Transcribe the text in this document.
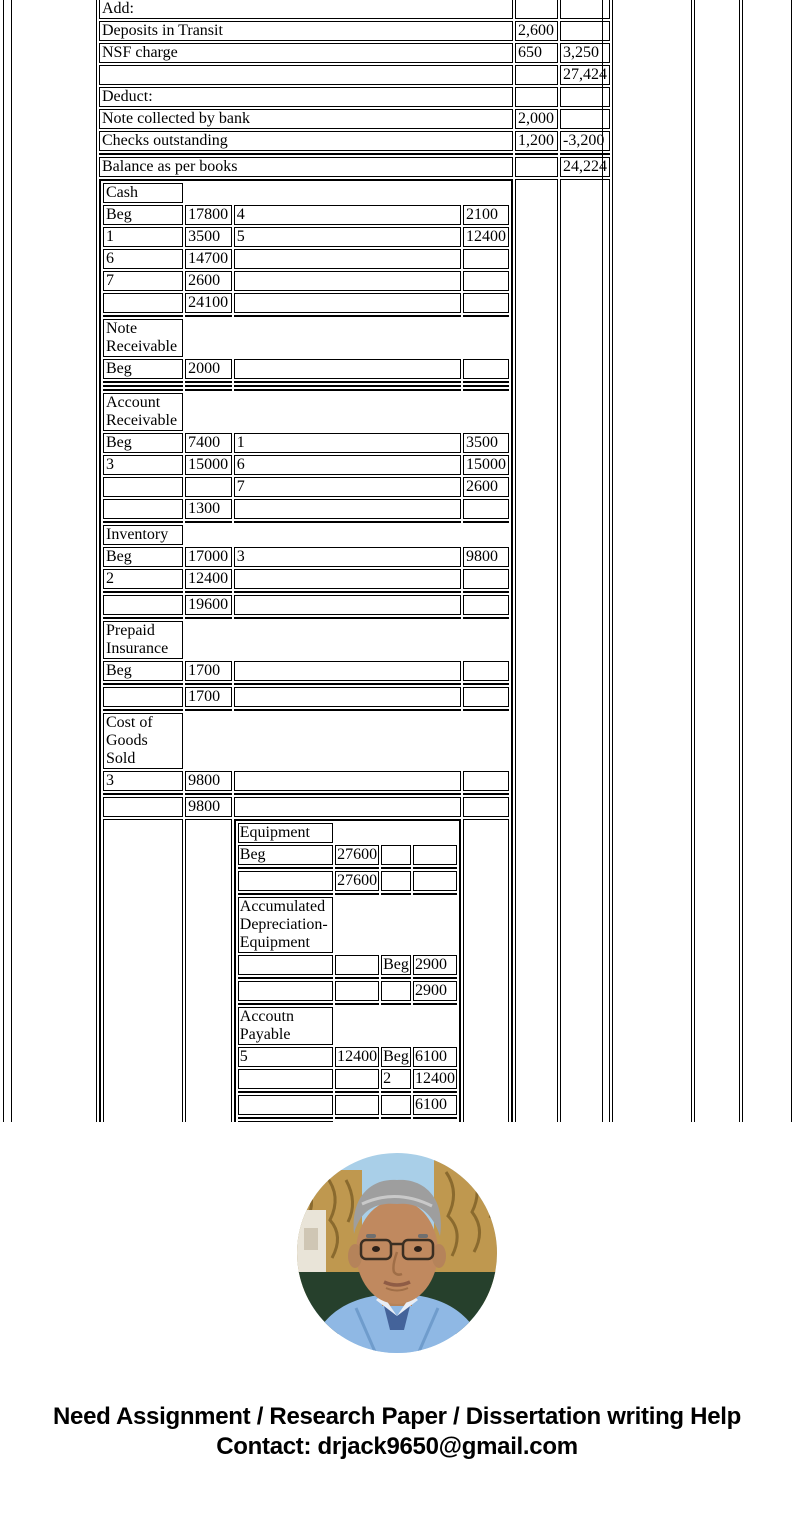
Add:		
Deposits in Transit	2,600	
NSF charge	650	3,250
		27,424
Deduct:		
Note collected by bank	2,000	
Checks outstanding	1,200	-3,200

Balance as per books		24,224

Cash			
Beg	17800	4	2100
1	3500	5	12400
6	14700		
7	2600		
	24100		

Note Receivable			
Beg	2000		

Account Receivable			
Beg	7400	1	3500
3	15000	6	15000
		7	2600
	1300		

Inventory			
Beg	17000	3	9800
2	12400		

	19600		

Prepaid Insurance			
Beg	1700		

	1700		

Cost of Goods Sold			
3	9800		

	9800		

Equipment			
Beg	27600		

	27600		

Accumulated Depreciation-Equipment			
		Beg	2900

			2900

Accoutn Payable			
5	12400	Beg	6100
		2	12400

			6100

Need Assignment / Research Paper / Dissertation writing Help
Contact: drjack9650@gmail.com
